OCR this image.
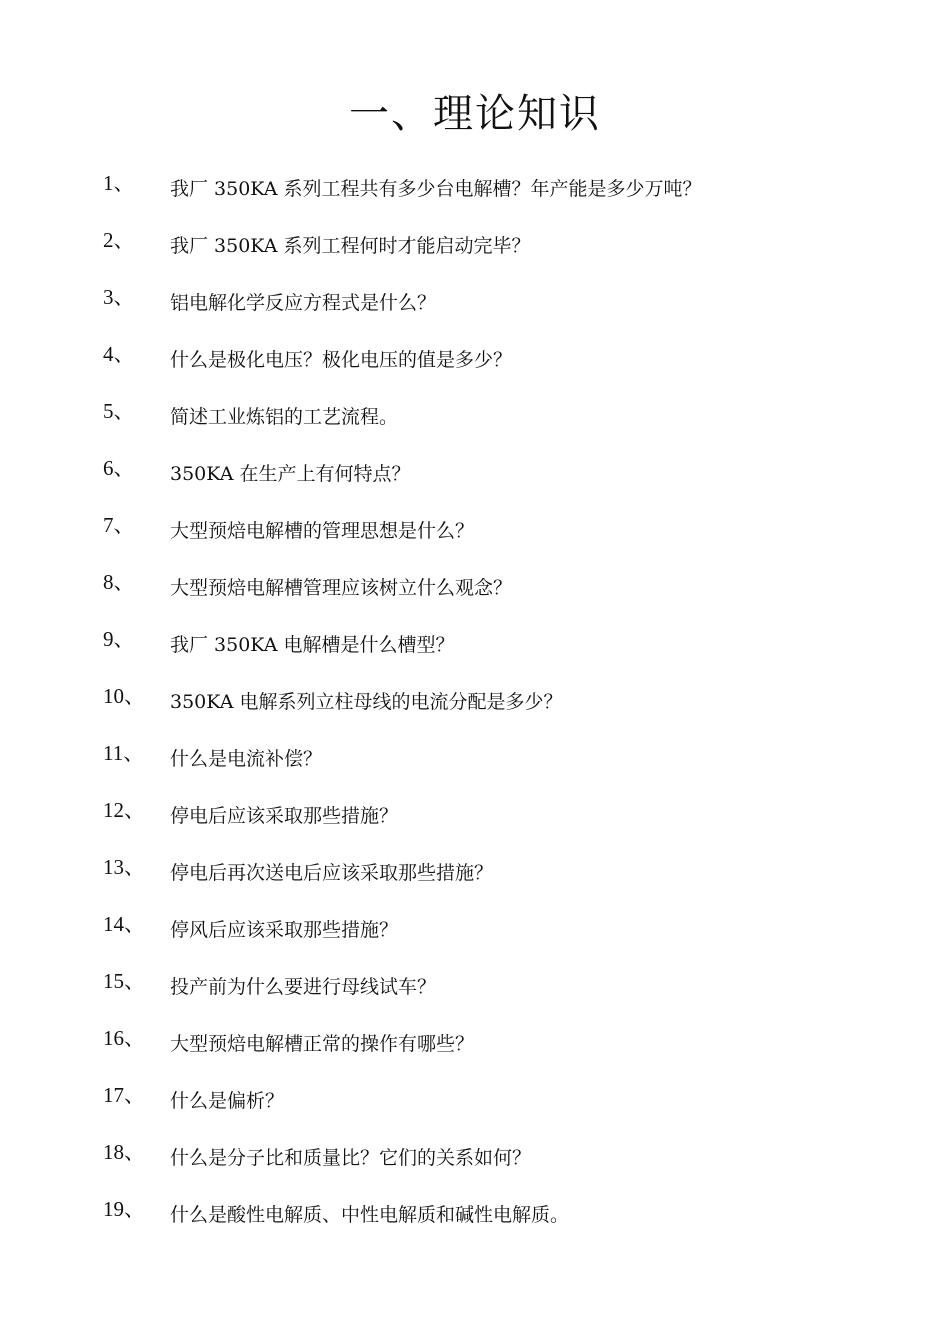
一、理论知识
1、 我厂 350KA 系列工程共有多少台电解槽？年产能是多少万吨？
2、 我厂 350KA 系列工程何时才能启动完毕？
3、 铝电解化学反应方程式是什么？
4、 什么是极化电压？极化电压的值是多少？
5、 简述工业炼铝的工艺流程。
6、 350KA 在生产上有何特点？
7、 大型预焙电解槽的管理思想是什么？
8、 大型预焙电解槽管理应该树立什么观念？
9、 我厂 350KA 电解槽是什么槽型？
10、 350KA 电解系列立柱母线的电流分配是多少？
11、 什么是电流补偿？
12、 停电后应该采取那些措施？
13、 停电后再次送电后应该采取那些措施？
14、 停风后应该采取那些措施？
15、 投产前为什么要进行母线试车？
16、 大型预焙电解槽正常的操作有哪些？
17、 什么是偏析？
18、 什么是分子比和质量比？它们的关系如何？
19、 什么是酸性电解质、中性电解质和碱性电解质。
